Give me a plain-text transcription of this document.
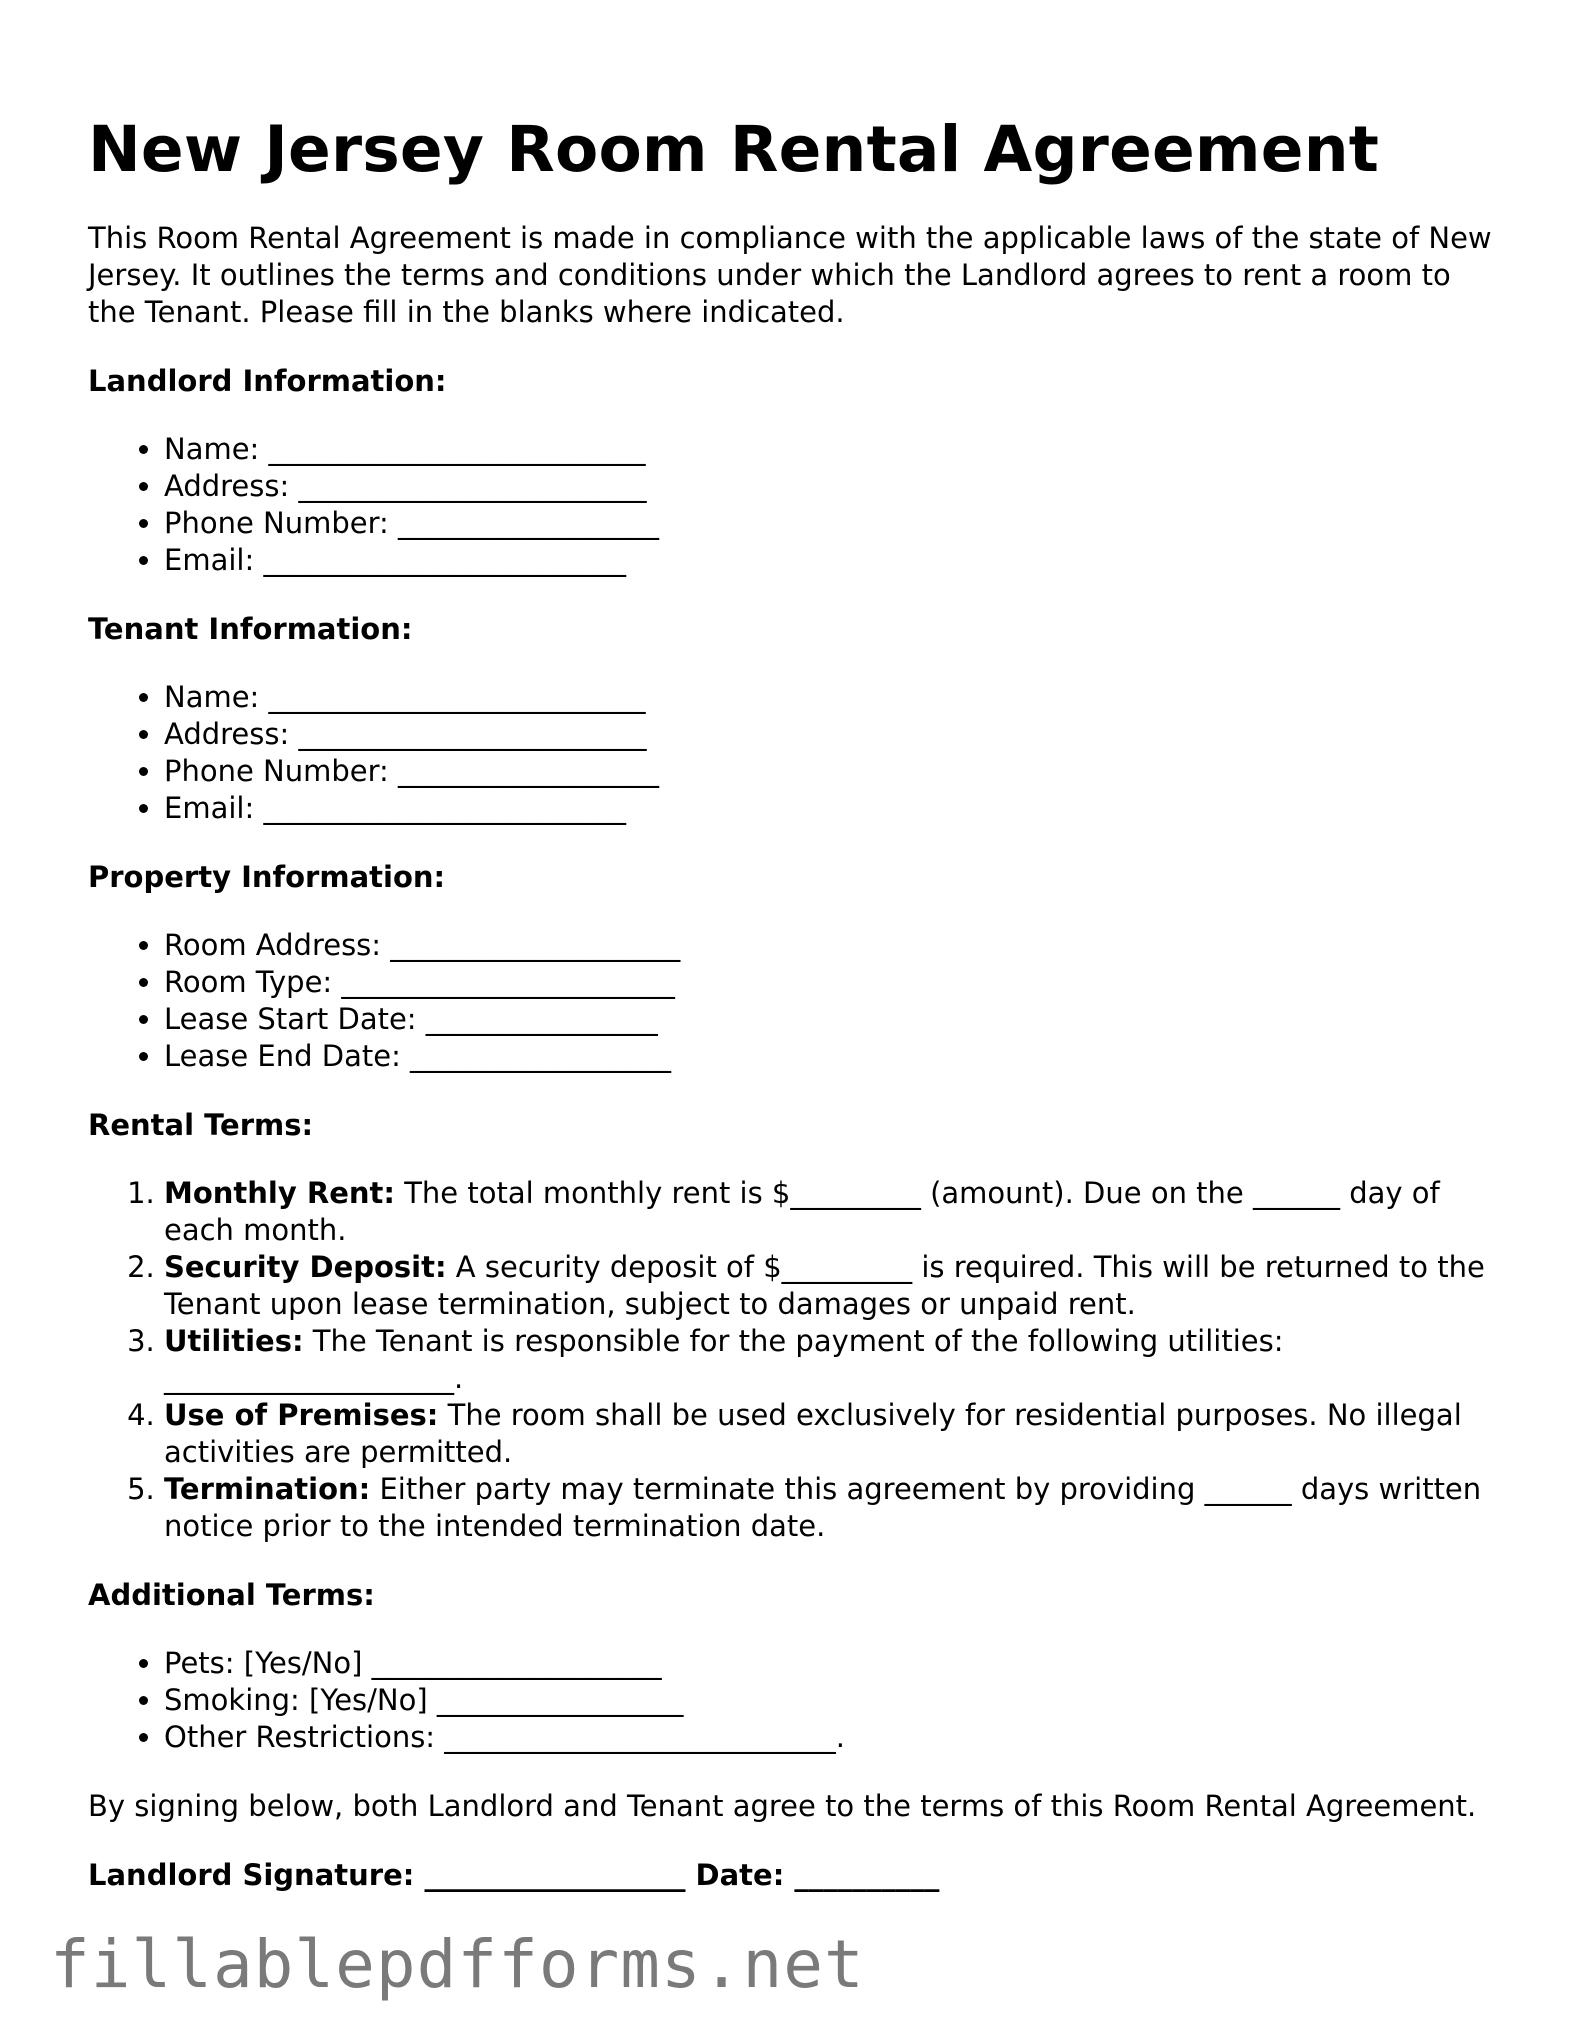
New Jersey Room Rental Agreement

This Room Rental Agreement is made in compliance with the applicable laws of the state of New Jersey. It outlines the terms and conditions under which the Landlord agrees to rent a room to the Tenant. Please fill in the blanks where indicated.

Landlord Information:
• Name: __________________________
• Address: ________________________
• Phone Number: __________________
• Email: _________________________
Tenant Information:
• Name: __________________________
• Address: ________________________
• Phone Number: __________________
• Email: _________________________
Property Information:
• Room Address: ____________________
• Room Type: _______________________
• Lease Start Date: ________________
• Lease End Date: __________________
Rental Terms:
1. Monthly Rent: The total monthly rent is $_________ (amount). Due on the ______ day of each month.
2. Security Deposit: A security deposit of $_________ is required. This will be returned to the Tenant upon lease termination, subject to damages or unpaid rent.
3. Utilities: The Tenant is responsible for the payment of the following utilities: ____________________.
4. Use of Premises: The room shall be used exclusively for residential purposes. No illegal activities are permitted.
5. Termination: Either party may terminate this agreement by providing ______ days written notice prior to the intended termination date.
Additional Terms:
• Pets: [Yes/No] ____________________
• Smoking: [Yes/No] _________________
• Other Restrictions: ___________________________.

By signing below, both Landlord and Tenant agree to the terms of this Room Rental Agreement.

Landlord Signature: __________________ Date: __________
fillablepdfforms.net
